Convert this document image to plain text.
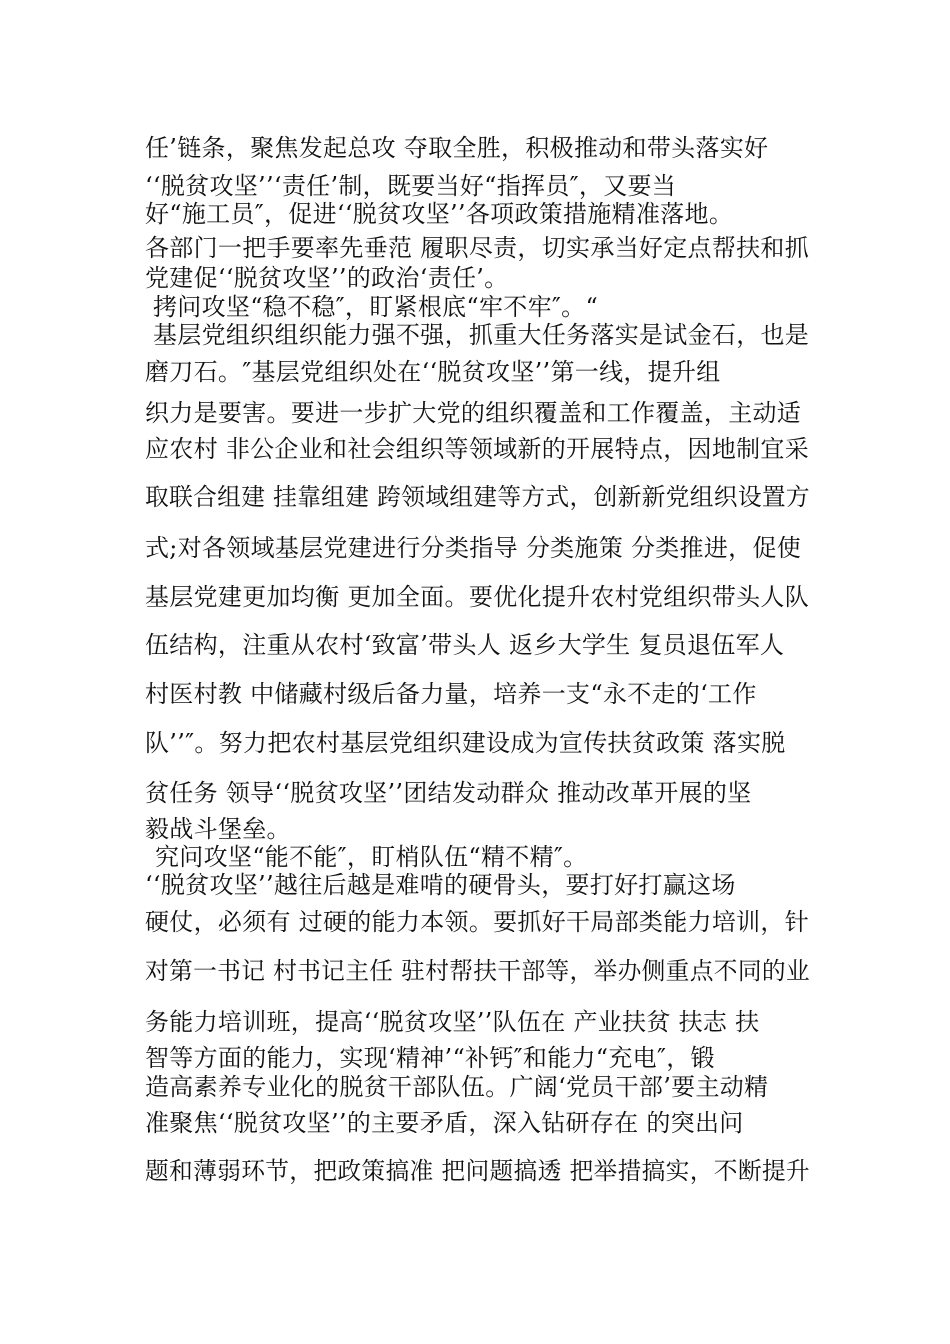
任’链条，聚焦发起总攻 夺取全胜，积极推动和带头落实好
‘‘脱贫攻坚’’‘责任’制，既要当好“指挥员″，又要当
好“施工员″，促进‘‘脱贫攻坚’’各项政策措施精准落地。
各部门一把手要率先垂范 履职尽责，切实承当好定点帮扶和抓
党建促‘‘脱贫攻坚’’的政治‘责任’。
拷问攻坚“稳不稳″，盯紧根底“牢不牢″。“
基层党组织组织能力强不强，抓重大任务落实是试金石，也是
磨刀石。″基层党组织处在‘‘脱贫攻坚’’第一线，提升组
织力是要害。要进一步扩大党的组织覆盖和工作覆盖，主动适
应农村 非公企业和社会组织等领域新的开展特点，因地制宜采
取联合组建 挂靠组建 跨领域组建等方式，创新新党组织设置方
式;对各领域基层党建进行分类指导 分类施策 分类推进，促使
基层党建更加均衡 更加全面。要优化提升农村党组织带头人队
伍结构，注重从农村‘致富’带头人 返乡大学生 复员退伍军人
村医村教 中储藏村级后备力量，培养一支“永不走的‘工作
队’’″。努力把农村基层党组织建设成为宣传扶贫政策 落实脱
贫任务 领导‘‘脱贫攻坚’’团结发动群众 推动改革开展的坚
毅战斗堡垒。
究问攻坚“能不能″，盯梢队伍“精不精″。
‘‘脱贫攻坚’’越往后越是难啃的硬骨头，要打好打赢这场
硬仗，必须有 过硬的能力本领。要抓好干局部类能力培训，针
对第一书记 村书记主任 驻村帮扶干部等，举办侧重点不同的业
务能力培训班，提高‘‘脱贫攻坚’’队伍在 产业扶贫 扶志 扶
智等方面的能力，实现‘精神’“补钙″和能力“充电″，锻
造高素养专业化的脱贫干部队伍。广阔‘党员干部’要主动精
准聚焦‘‘脱贫攻坚’’的主要矛盾，深入钻研存在 的突出问
题和薄弱环节，把政策搞准 把问题搞透 把举措搞实，不断提升
